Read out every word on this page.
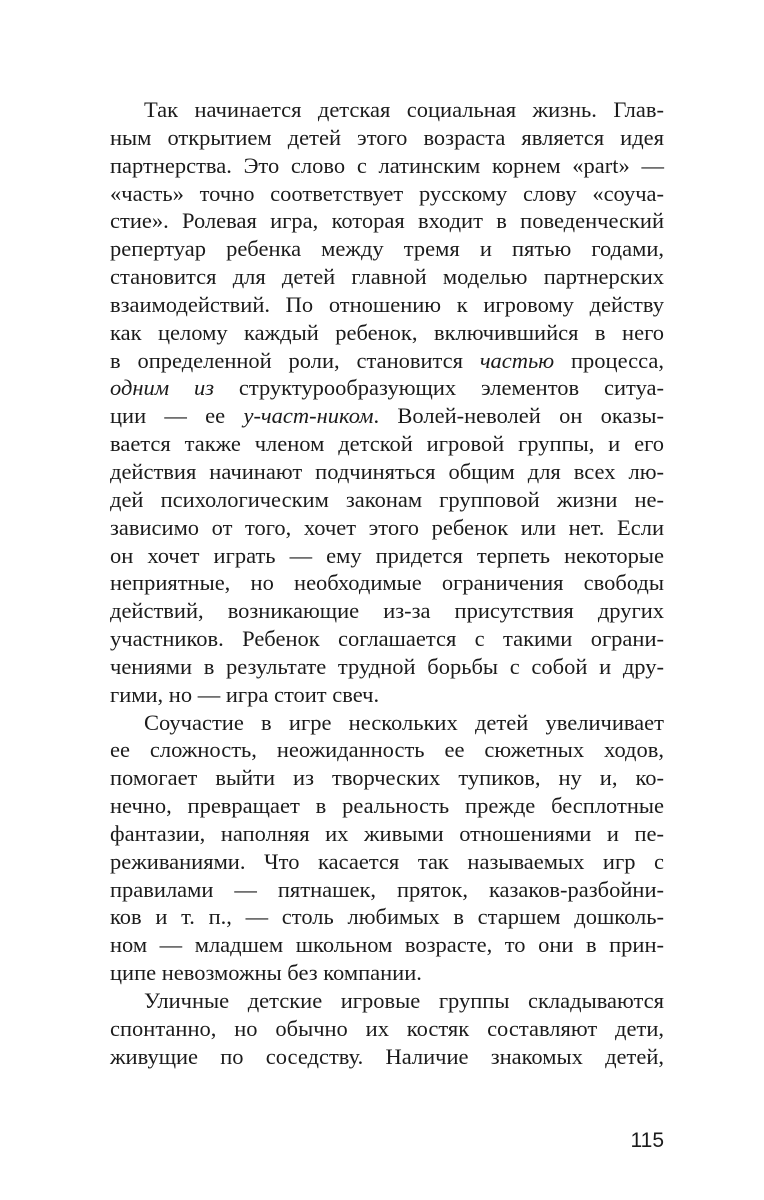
Так начинается детская социальная жизнь. Глав-
ным открытием детей этого возраста является идея
партнерства. Это слово с латинским корнем «part» —
«часть» точно соответствует русскому слову «соуча-
стие». Ролевая игра, которая входит в поведенческий
репертуар ребенка между тремя и пятью годами,
становится для детей главной моделью партнерских
взаимодействий. По отношению к игровому действу
как целому каждый ребенок, включившийся в него
в определенной роли, становится частью процесса,
одним из структурообразующих элементов ситуа-
ции — ее у-част-ником. Волей-неволей он оказы-
вается также членом детской игровой группы, и его
действия начинают подчиняться общим для всех лю-
дей психологическим законам групповой жизни не-
зависимо от того, хочет этого ребенок или нет. Если
он хочет играть — ему придется терпеть некоторые
неприятные, но необходимые ограничения свободы
действий, возникающие из-за присутствия других
участников. Ребенок соглашается с такими ограни-
чениями в результате трудной борьбы с собой и дру-
гими, но — игра стоит свеч.
Соучастие в игре нескольких детей увеличивает
ее сложность, неожиданность ее сюжетных ходов,
помогает выйти из творческих тупиков, ну и, ко-
нечно, превращает в реальность прежде бесплотные
фантазии, наполняя их живыми отношениями и пе-
реживаниями. Что касается так называемых игр с
правилами — пятнашек, пряток, казаков-разбойни-
ков и т. п., — столь любимых в старшем дошколь-
ном — младшем школьном возрасте, то они в прин-
ципе невозможны без компании.
Уличные детские игровые группы складываются
спонтанно, но обычно их костяк составляют дети,
живущие по соседству. Наличие знакомых детей,
115
